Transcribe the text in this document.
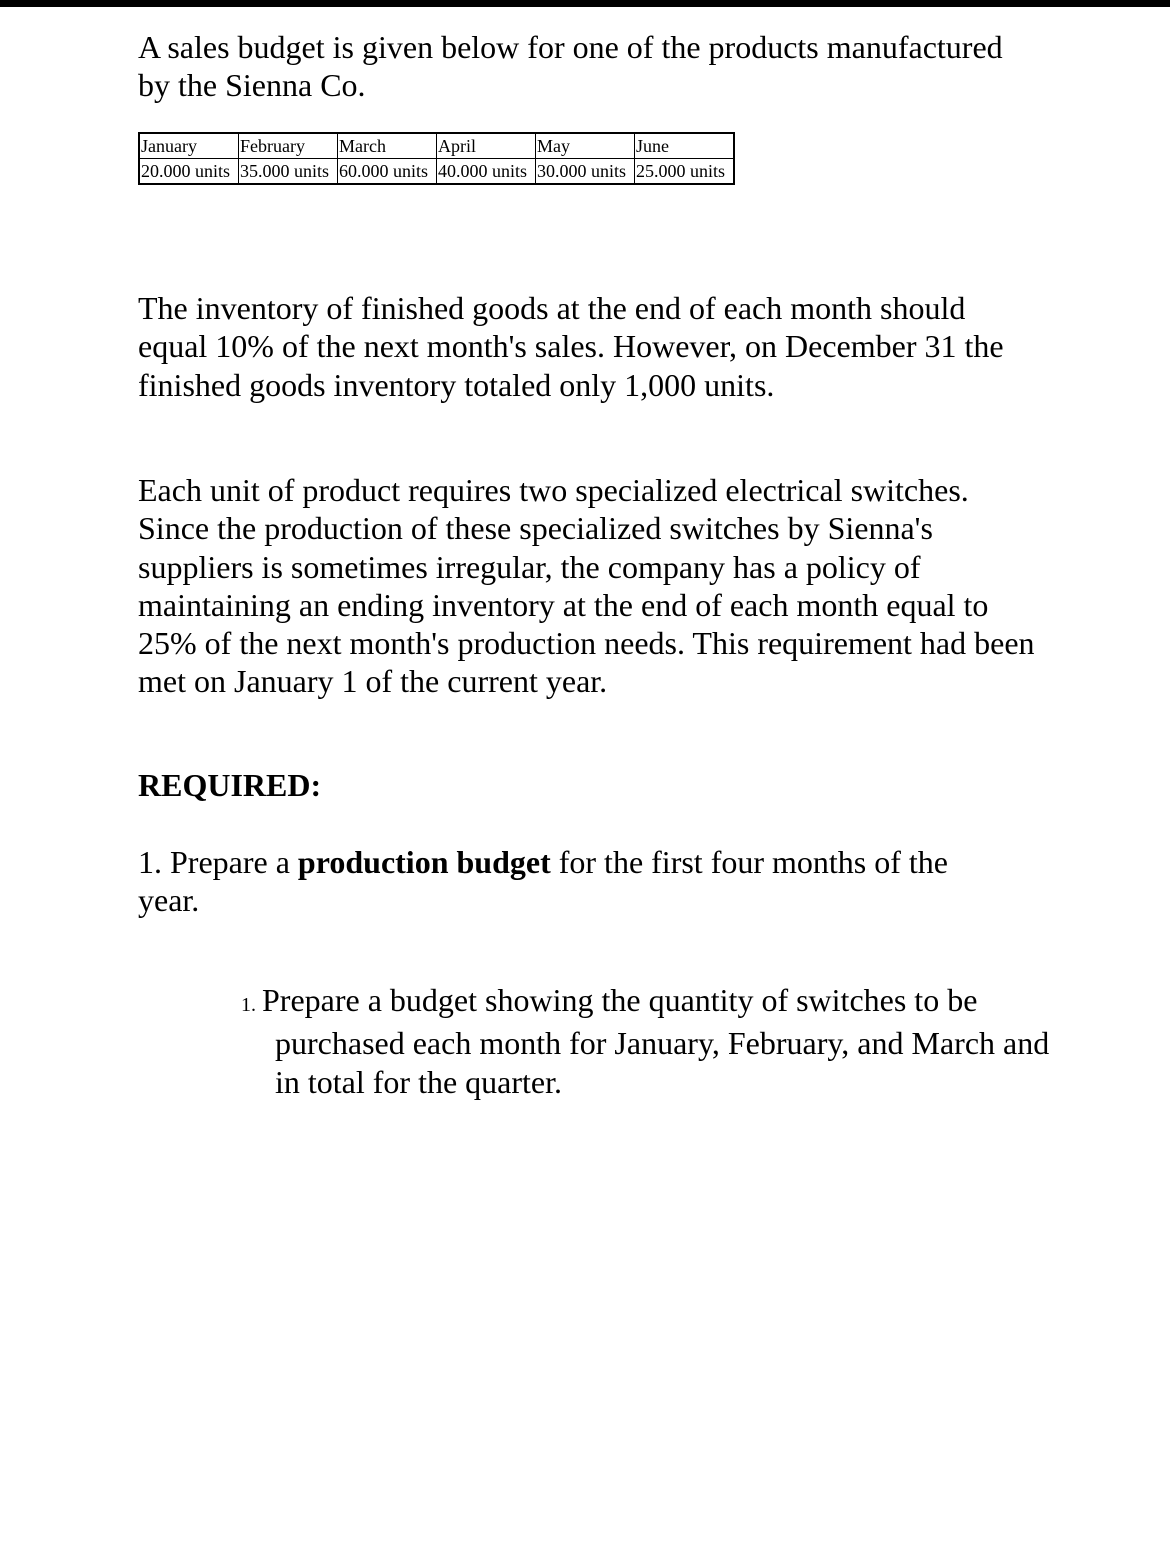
A sales budget is given below for one of the products manufactured by the Sienna Co.

January	February	March	April	May	June
20.000 units	35.000 units	60.000 units	40.000 units	30.000 units	25.000 units

The inventory of finished goods at the end of each month should equal 10% of the next month's sales. However, on December 31 the finished goods inventory totaled only 1,000 units.

Each unit of product requires two specialized electrical switches. Since the production of these specialized switches by Sienna's suppliers is sometimes irregular, the company has a policy of maintaining an ending inventory at the end of each month equal to 25% of the next month's production needs. This requirement had been met on January 1 of the current year.

REQUIRED:

1. Prepare a production budget for the first four months of the year.

1. Prepare a budget showing the quantity of switches to be purchased each month for January, February, and March and in total for the quarter.
